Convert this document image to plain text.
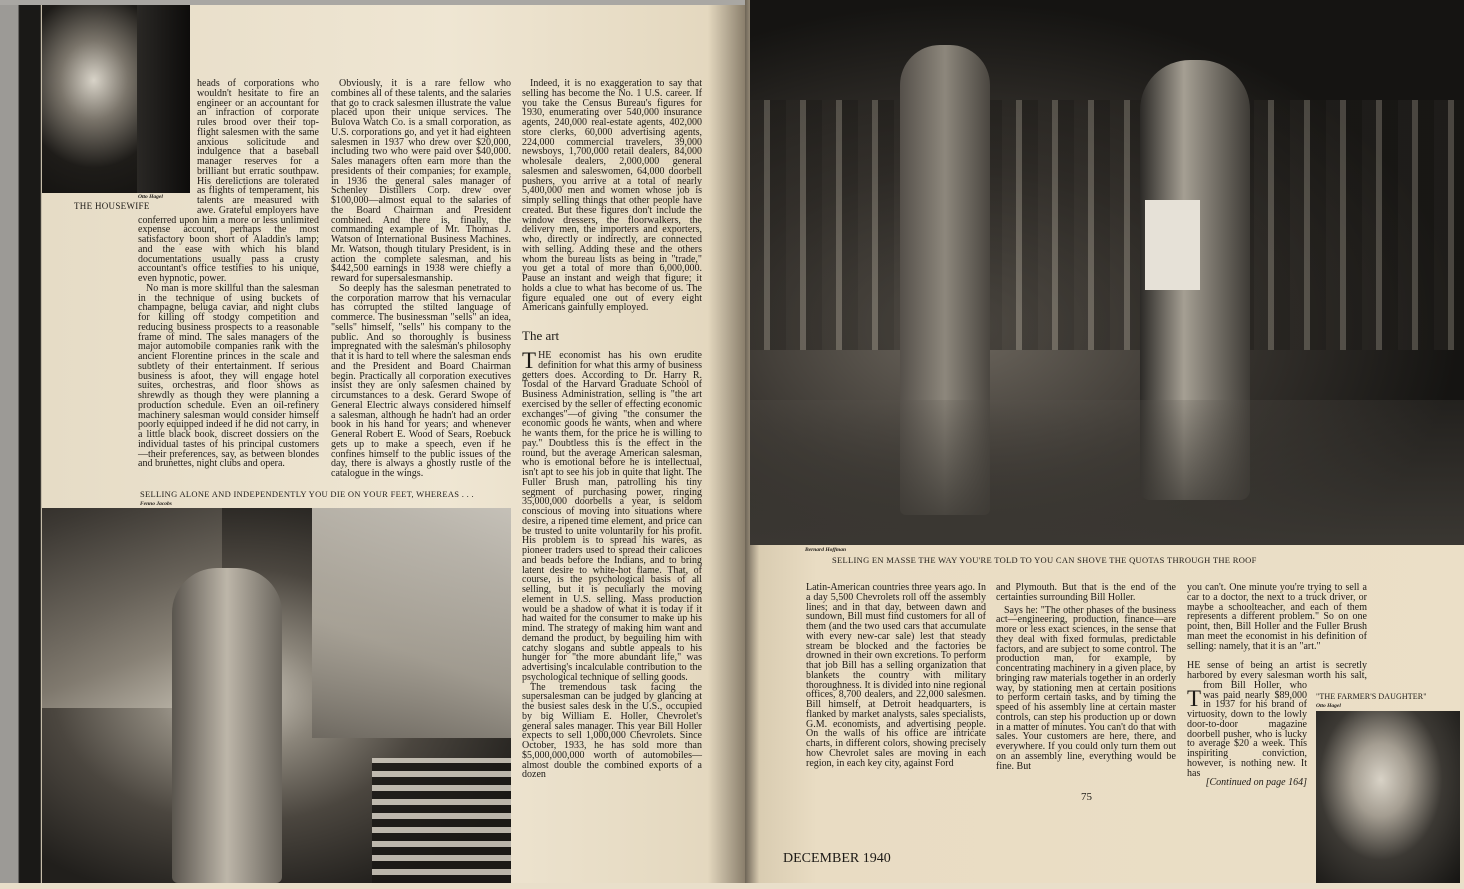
Otto Hagel
THE HOUSEWIFE

heads of corporations who wouldn't hesitate to fire an engineer or an accountant for an infraction of corporate rules brood over their top-flight salesmen with the same anxious solicitude and indulgence that a baseball manager reserves for a brilliant but erratic southpaw. His derelictions are tolerated as flights of temperament, his talents are measured with awe. Grateful employers have conferred upon him a more or less unlimited expense account, perhaps the most satisfactory boon short of Aladdin's lamp; and the ease with which his bland documentations usually pass a crusty accountant's office testifies to his unique, even hypnotic, power.

No man is more skillful than the salesman in the technique of using buckets of champagne, beluga caviar, and night clubs for killing off stodgy competition and reducing business prospects to a reasonable frame of mind. The sales managers of the major automobile companies rank with the ancient Florentine princes in the scale and subtlety of their entertainment. If serious business is afoot, they will engage hotel suites, orchestras, and floor shows as shrewdly as though they were planning a production schedule. Even an oil-refinery machinery salesman would consider himself poorly equipped indeed if he did not carry, in a little black book, discreet dossiers on the individual tastes of his principal customers—their preferences, say, as between blondes and brunettes, night clubs and opera.

Obviously, it is a rare fellow who combines all of these talents, and the salaries that go to crack salesmen illustrate the value placed upon their unique services. The Bulova Watch Co. is a small corporation, as U.S. corporations go, and yet it had eighteen salesmen in 1937 who drew over $20,000, including two who were paid over $40,000. Sales managers often earn more than the presidents of their companies; for example, in 1936 the general sales manager of Schenley Distillers Corp. drew over $100,000—almost equal to the salaries of the Board Chairman and President combined. And there is, finally, the commanding example of Mr. Thomas J. Watson of International Business Machines. Mr. Watson, though titulary President, is in action the complete salesman, and his $442,500 earnings in 1938 were chiefly a reward for supersalesmanship.

So deeply has the salesman penetrated to the corporation marrow that his vernacular has corrupted the stilted language of commerce. The businessman "sells" an idea, "sells" himself, "sells" his company to the public. And so thoroughly is business impregnated with the salesman's philosophy that it is hard to tell where the salesman ends and the President and Board Chairman begin. Practically all corporation executives insist they are only salesmen chained by circumstances to a desk. Gerard Swope of General Electric always considered himself a salesman, although he hadn't had an order book in his hand for years; and whenever General Robert E. Wood of Sears, Roebuck gets up to make a speech, even if he confines himself to the public issues of the day, there is always a ghostly rustle of the catalogue in the wings.

Indeed, it is no exaggeration to say that selling has become the No. 1 U.S. career. If you take the Census Bureau's figures for 1930, enumerating over 540,000 insurance agents, 240,000 real-estate agents, 402,000 store clerks, 60,000 advertising agents, 224,000 commercial travelers, 39,000 newsboys, 1,700,000 retail dealers, 84,000 wholesale dealers, 2,000,000 general salesmen and saleswomen, 64,000 doorbell pushers, you arrive at a total of nearly 5,400,000 men and women whose job is simply selling things that other people have created. But these figures don't include the window dressers, the floorwalkers, the delivery men, the importers and exporters, who, directly or indirectly, are connected with selling. Adding these and the others whom the bureau lists as being in "trade," you get a total of more than 6,000,000. Pause an instant and weigh that figure; it holds a clue to what has become of us. The figure equaled one out of every eight Americans gainfully employed.

The art

THE economist has his own erudite definition for what this army of business getters does. According to Dr. Harry R. Tosdal of the Harvard Graduate School of Business Administration, selling is "the art exercised by the seller of effecting economic exchanges"—of giving "the consumer the economic goods he wants, when and where he wants them, for the price he is willing to pay." Doubtless this is the effect in the round, but the average American salesman, who is emotional before he is intellectual, isn't apt to see his job in quite that light. The Fuller Brush man, patrolling his tiny segment of purchasing power, ringing 35,000,000 doorbells a year, is seldom conscious of moving into situations where desire, a ripened time element, and price can be trusted to unite voluntarily for his profit. His problem is to spread his wares, as pioneer traders used to spread their calicoes and beads before the Indians, and to bring latent desire to white-hot flame. That, of course, is the psychological basis of all selling, but it is peculiarly the moving element in U.S. selling. Mass production would be a shadow of what it is today if it had waited for the consumer to make up his mind. The strategy of making him want and demand the product, by beguiling him with catchy slogans and subtle appeals to his hunger for "the more abundant life," was advertising's incalculable contribution to the psychological technique of selling goods.

The tremendous task facing the supersalesman can be judged by glancing at the busiest sales desk in the U.S., occupied by big William E. Holler, Chevrolet's general sales manager. This year Bill Holler expects to sell 1,000,000 Chevrolets. Since October, 1933, he has sold more than $5,000,000,000 worth of automobiles—almost double the combined exports of a dozen

SELLING ALONE AND INDEPENDENTLY YOU DIE ON YOUR FEET, WHEREAS . . .
Fenno Jacobs
DECEMBER 1940
Bernard Hoffman
SELLING EN MASSE THE WAY YOU'RE TOLD TO YOU CAN SHOVE THE QUOTAS THROUGH THE ROOF

Latin-American countries three years ago. In a day 5,500 Chevrolets roll off the assembly lines; and in that day, between dawn and sundown, Bill must find customers for all of them (and the two used cars that accumulate with every new-car sale) lest that steady stream be blocked and the factories be drowned in their own excretions. To perform that job Bill has a selling organization that blankets the country with military thoroughness. It is divided into nine regional offices, 8,700 dealers, and 22,000 salesmen. Bill himself, at Detroit headquarters, is flanked by market analysts, sales specialists, G.M. economists, and advertising people. On the walls of his office are intricate charts, in different colors, showing precisely how Chevrolet sales are moving in each region, in each key city, against Ford

and Plymouth. But that is the end of the certainties surrounding Bill Holler.

Says he: "The other phases of the business act—engineering, production, finance—are more or less exact sciences, in the sense that they deal with fixed formulas, predictable factors, and are subject to some control. The production man, for example, by concentrating machinery in a given place, by bringing raw materials together in an orderly way, by stationing men at certain positions to perform certain tasks, and by timing the speed of his assembly line at certain master controls, can step his production up or down in a matter of minutes. You can't do that with sales. Your customers are here, there, and everywhere. If you could only turn them out on an assembly line, everything would be fine. But

you can't. One minute you're trying to sell a car to a doctor, the next to a truck driver, or maybe a schoolteacher, and each of them represents a different problem." So on one point, then, Bill Holler and the Fuller Brush man meet the economist in his definition of selling: namely, that it is an "art."

T
HE sense of being an artist is secretly harbored by every salesman worth his salt, from Bill Holler, who was paid nearly $89,000 in 1937 for his brand of virtuosity, down to the lowly door-to-door magazine doorbell pusher, who is lucky to average $20 a week. This inspiriting conviction, however, is nothing new. It has

[Continued on page 164]

"THE FARMER'S DAUGHTER"
Otto Hagel
75
